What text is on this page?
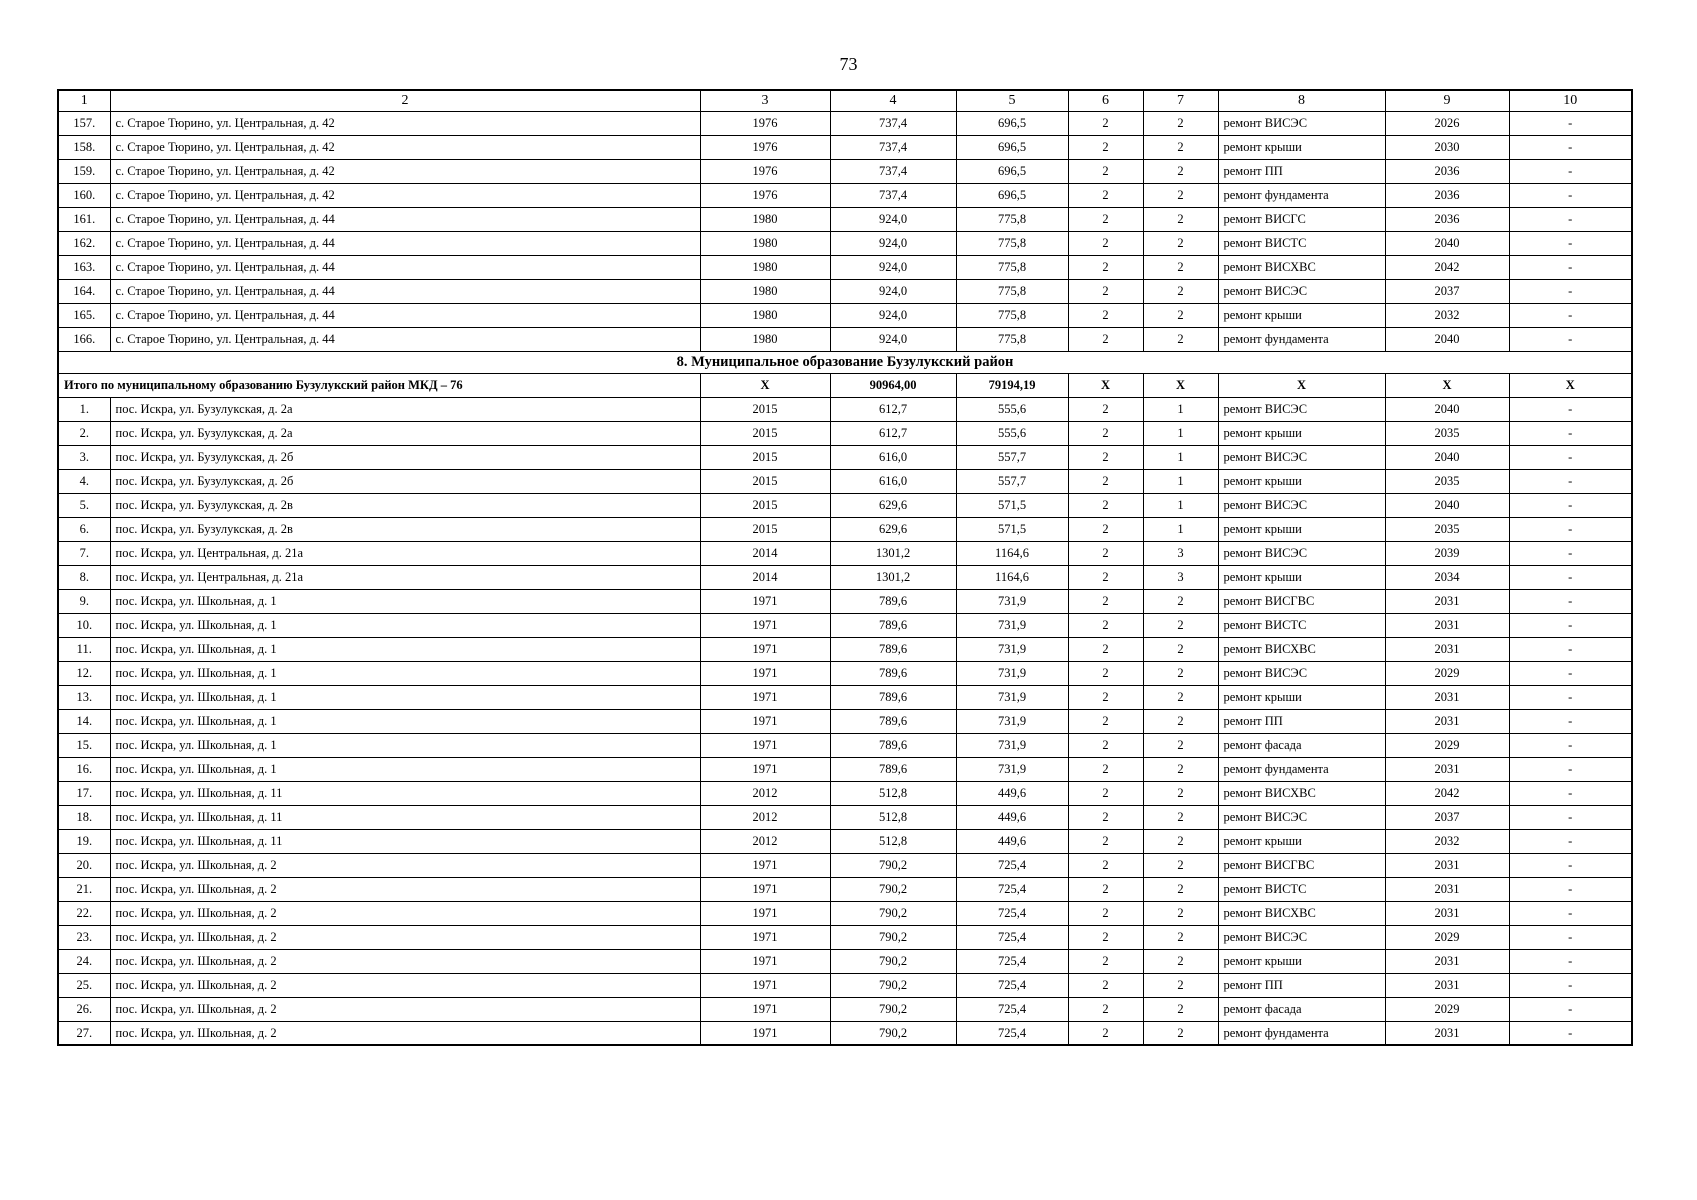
73
1	2	3	4	5	6	7	8	9	10
157.	с. Старое Тюрино, ул. Центральная, д. 42	1976	737,4	696,5	2	2	ремонт ВИСЭС	2026	-
158.	с. Старое Тюрино, ул. Центральная, д. 42	1976	737,4	696,5	2	2	ремонт крыши	2030	-
159.	с. Старое Тюрино, ул. Центральная, д. 42	1976	737,4	696,5	2	2	ремонт ПП	2036	-
160.	с. Старое Тюрино, ул. Центральная, д. 42	1976	737,4	696,5	2	2	ремонт фундамента	2036	-
161.	с. Старое Тюрино, ул. Центральная, д. 44	1980	924,0	775,8	2	2	ремонт ВИСГС	2036	-
162.	с. Старое Тюрино, ул. Центральная, д. 44	1980	924,0	775,8	2	2	ремонт ВИСТС	2040	-
163.	с. Старое Тюрино, ул. Центральная, д. 44	1980	924,0	775,8	2	2	ремонт ВИСХВС	2042	-
164.	с. Старое Тюрино, ул. Центральная, д. 44	1980	924,0	775,8	2	2	ремонт ВИСЭС	2037	-
165.	с. Старое Тюрино, ул. Центральная, д. 44	1980	924,0	775,8	2	2	ремонт крыши	2032	-
166.	с. Старое Тюрино, ул. Центральная, д. 44	1980	924,0	775,8	2	2	ремонт фундамента	2040	-
8. Муниципальное образование Бузулукский район									
Итого по муниципальному образованию Бузулукский район МКД – 76		Х	90964,00	79194,19	Х	Х	Х	Х	Х
1.	пос. Искра, ул. Бузулукская, д. 2а	2015	612,7	555,6	2	1	ремонт ВИСЭС	2040	-
2.	пос. Искра, ул. Бузулукская, д. 2а	2015	612,7	555,6	2	1	ремонт крыши	2035	-
3.	пос. Искра, ул. Бузулукская, д. 2б	2015	616,0	557,7	2	1	ремонт ВИСЭС	2040	-
4.	пос. Искра, ул. Бузулукская, д. 2б	2015	616,0	557,7	2	1	ремонт крыши	2035	-
5.	пос. Искра, ул. Бузулукская, д. 2в	2015	629,6	571,5	2	1	ремонт ВИСЭС	2040	-
6.	пос. Искра, ул. Бузулукская, д. 2в	2015	629,6	571,5	2	1	ремонт крыши	2035	-
7.	пос. Искра, ул. Центральная, д. 21а	2014	1301,2	1164,6	2	3	ремонт ВИСЭС	2039	-
8.	пос. Искра, ул. Центральная, д. 21а	2014	1301,2	1164,6	2	3	ремонт крыши	2034	-
9.	пос. Искра, ул. Школьная, д. 1	1971	789,6	731,9	2	2	ремонт ВИСГВС	2031	-
10.	пос. Искра, ул. Школьная, д. 1	1971	789,6	731,9	2	2	ремонт ВИСТС	2031	-
11.	пос. Искра, ул. Школьная, д. 1	1971	789,6	731,9	2	2	ремонт ВИСХВС	2031	-
12.	пос. Искра, ул. Школьная, д. 1	1971	789,6	731,9	2	2	ремонт ВИСЭС	2029	-
13.	пос. Искра, ул. Школьная, д. 1	1971	789,6	731,9	2	2	ремонт крыши	2031	-
14.	пос. Искра, ул. Школьная, д. 1	1971	789,6	731,9	2	2	ремонт ПП	2031	-
15.	пос. Искра, ул. Школьная, д. 1	1971	789,6	731,9	2	2	ремонт фасада	2029	-
16.	пос. Искра, ул. Школьная, д. 1	1971	789,6	731,9	2	2	ремонт фундамента	2031	-
17.	пос. Искра, ул. Школьная, д. 11	2012	512,8	449,6	2	2	ремонт ВИСХВС	2042	-
18.	пос. Искра, ул. Школьная, д. 11	2012	512,8	449,6	2	2	ремонт ВИСЭС	2037	-
19.	пос. Искра, ул. Школьная, д. 11	2012	512,8	449,6	2	2	ремонт крыши	2032	-
20.	пос. Искра, ул. Школьная, д. 2	1971	790,2	725,4	2	2	ремонт ВИСГВС	2031	-
21.	пос. Искра, ул. Школьная, д. 2	1971	790,2	725,4	2	2	ремонт ВИСТС	2031	-
22.	пос. Искра, ул. Школьная, д. 2	1971	790,2	725,4	2	2	ремонт ВИСХВС	2031	-
23.	пос. Искра, ул. Школьная, д. 2	1971	790,2	725,4	2	2	ремонт ВИСЭС	2029	-
24.	пос. Искра, ул. Школьная, д. 2	1971	790,2	725,4	2	2	ремонт крыши	2031	-
25.	пос. Искра, ул. Школьная, д. 2	1971	790,2	725,4	2	2	ремонт ПП	2031	-
26.	пос. Искра, ул. Школьная, д. 2	1971	790,2	725,4	2	2	ремонт фасада	2029	-
27.	пос. Искра, ул. Школьная, д. 2	1971	790,2	725,4	2	2	ремонт фундамента	2031	-
